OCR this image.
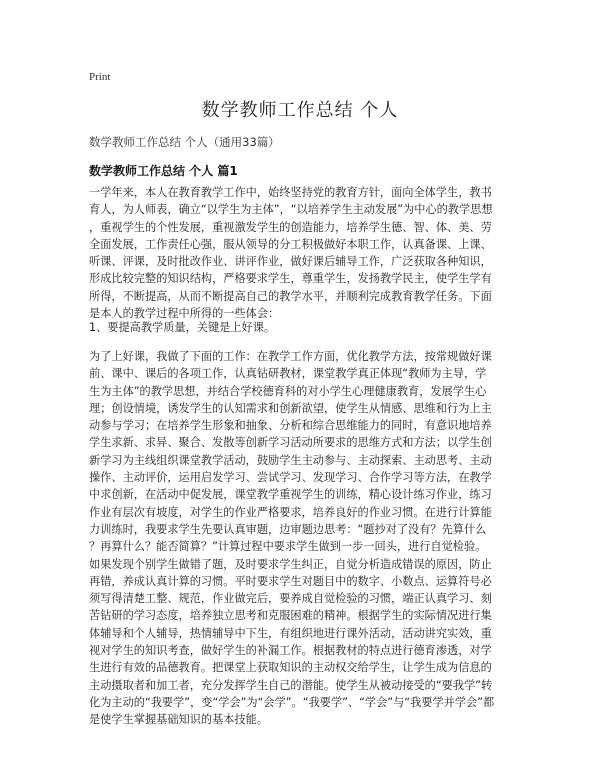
Print
数学教师工作总结 个人
数学教师工作总结 个人（通用33篇）
数学教师工作总结 个人 篇1
一学年来，本人在教育教学工作中，始终坚持党的教育方针，面向全体学生，教书
育人，为人师表，确立“以学生为主体”，“以培养学生主动发展”为中心的教学思想
，重视学生的个性发展，重视激发学生的创造能力，培养学生德、智、体、美、劳
全面发展，工作责任心强，服从领导的分工积极做好本职工作，认真备课、上课、
听课、评课，及时批改作业、讲评作业，做好课后辅导工作，广泛获取各种知识，
形成比较完整的知识结构，严格要求学生，尊重学生，发扬教学民主，使学生学有
所得，不断提高，从而不断提高自己的教学水平，并顺利完成教育教学任务。下面
是本人的教学过程中所得的一些体会：
1、要提高教学质量，关键是上好课。
为了上好课，我做了下面的工作：在教学工作方面，优化教学方法，按常规做好课
前、课中、课后的各项工作，认真钻研教材，课堂教学真正体现“教师为主导，学
生为主体”的教学思想，并结合学校德育科的对小学生心理健康教育，发展学生心
理；创设情境，诱发学生的认知需求和创新欲望，使学生从情感、思维和行为上主
动参与学习；在培养学生形象和抽象、分析和综合思维能力的同时，有意识地培养
学生求新、求异、聚合、发散等创新学习活动所要求的思维方式和方法；以学生创
新学习为主线组织课堂教学活动，鼓励学生主动参与、主动探索、主动思考、主动
操作、主动评价，运用启发学习、尝试学习、发现学习、合作学习等方法，在教学
中求创新，在活动中促发展，课堂教学重视学生的训练，精心设计练习作业，练习
作业有层次有坡度，对学生的作业严格要求，培养良好的作业习惯。在进行计算能
力训练时，我要求学生先要认真审题，边审题边思考：“题抄对了没有？先算什么
？再算什么？能否简算？”计算过程中要求学生做到一步一回头，进行自觉检验。
如果发现个别学生做错了题，及时要求学生纠正，自觉分析造成错误的原因，防止
再错，养成认真计算的习惯。平时要求学生对题目中的数字、小数点、运算符号必
须写得清楚工整、规范，作业做完后，要养成自觉检验的习惯，端正认真学习、刻
苦钻研的学习态度，培养独立思考和克服困难的精神。根据学生的实际情况进行集
体辅导和个人辅导，热情辅导中下生，有组织地进行课外活动，活动讲究实效，重
视对学生的知识考查，做好学生的补漏工作。根据教材的特点进行德育渗透，对学
生进行有效的品德教育。把课堂上获取知识的主动权交给学生，让学生成为信息的
主动摄取者和加工者，充分发挥学生自己的潜能。使学生从被动接受的“要我学”转
化为主动的“我要学”，变“学会”为“会学”。“我要学”、“学会”与“我要学并学会”都
是使学生掌握基础知识的基本技能。
